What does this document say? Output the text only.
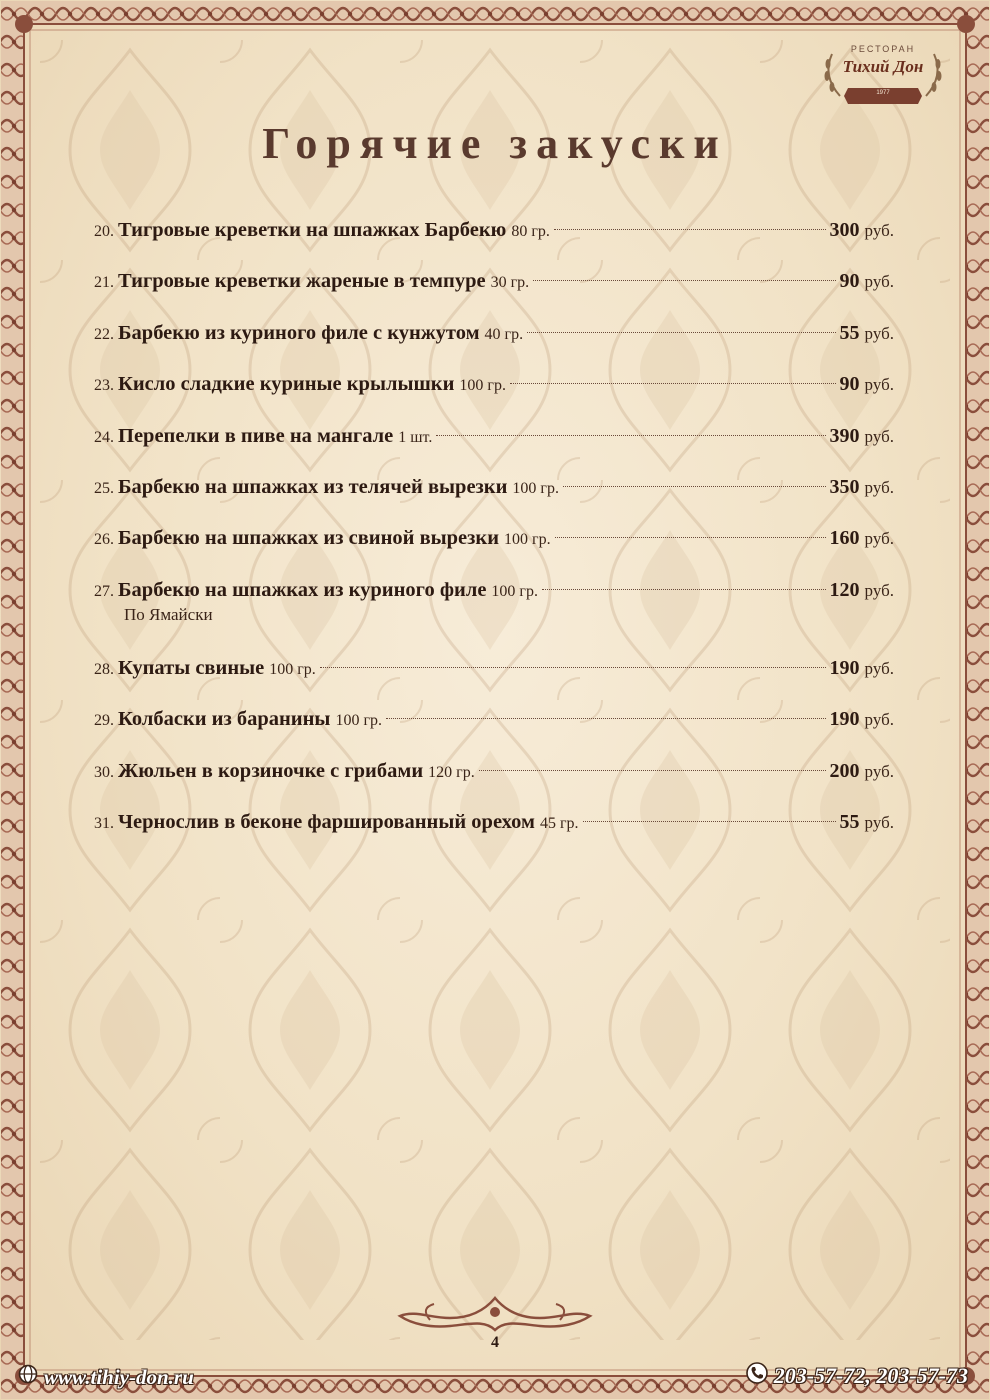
РЕСТОРАН
Тихий Дон
1977
Горячие закуски
20. Тигровые креветки на шпажках Барбекю 80 гр.	300 руб.
21. Тигровые креветки жареные в темпуре 30 гр.	90 руб.
22. Барбекю из куриного филе с кунжутом 40 гр.	55 руб.
23. Кисло сладкие куриные крылышки 100 гр.	90 руб.
24. Перепелки в пиве на мангале 1 шт.	390 руб.
25. Барбекю на шпажках из телячей вырезки 100 гр.	350 руб.
26. Барбекю на шпажках из свиной вырезки 100 гр.	160 руб.
27. Барбекю на шпажках из куриного филе 100 гр.	120 руб.
По Ямайски
28. Купаты свиные 100 гр.	190 руб.
29. Колбаски из баранины 100 гр.	190 руб.
30. Жюльен в корзиночке с грибами 120 гр.	200 руб.
31. Чернослив в беконе фаршированный орехом 45 гр.	55 руб.
4
www.tihiy-don.ru	203-57-72, 203-57-73
